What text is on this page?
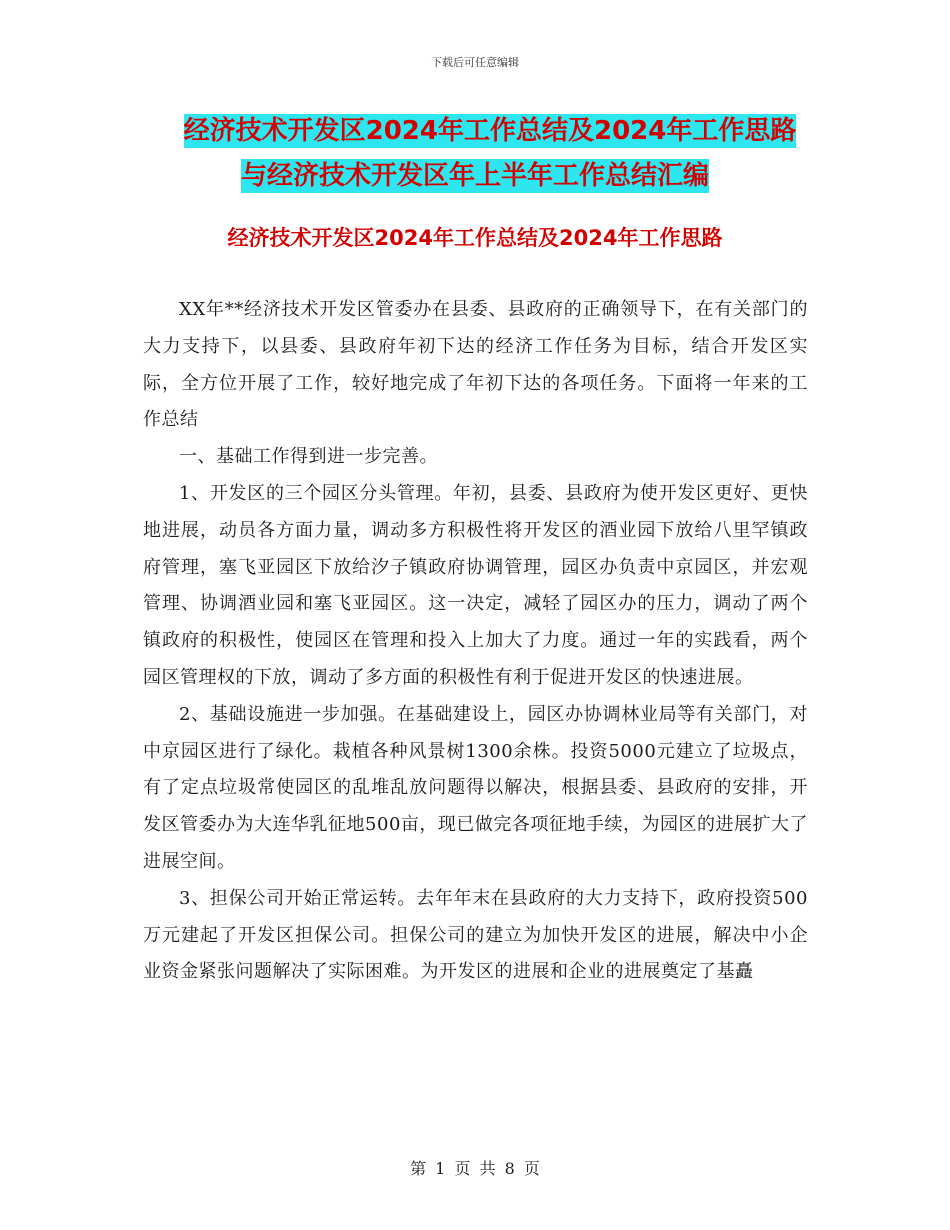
下载后可任意编辑
经济技术开发区2024年工作总结及2024年工作思路
与经济技术开发区年上半年工作总结汇编
经济技术开发区2024年工作总结及2024年工作思路

XX年**经济技术开发区管委办在县委、县政府的正确领导下，在有关部门的大力支持下，以县委、县政府年初下达的经济工作任务为目标，结合开发区实际，全方位开展了工作，较好地完成了年初下达的各项任务。下面将一年来的工作总结

一、基础工作得到进一步完善。

1、开发区的三个园区分头管理。年初，县委、县政府为使开发区更好、更快地进展，动员各方面力量，调动多方积极性将开发区的酒业园下放给八里罕镇政府管理，塞飞亚园区下放给汐子镇政府协调管理，园区办负责中京园区，并宏观管理、协调酒业园和塞飞亚园区。这一决定，减轻了园区办的压力，调动了两个镇政府的积极性，使园区在管理和投入上加大了力度。通过一年的实践看，两个园区管理权的下放，调动了多方面的积极性有利于促进开发区的快速进展。

2、基础设施进一步加强。在基础建设上，园区办协调林业局等有关部门，对中京园区进行了绿化。栽植各种风景树1300余株。投资5000元建立了垃圾点，有了定点垃圾常使园区的乱堆乱放问题得以解决，根据县委、县政府的安排，开发区管委办为大连华乳征地500亩，现已做完各项征地手续，为园区的进展扩大了进展空间。

3、担保公司开始正常运转。去年年末在县政府的大力支持下，政府投资500万元建起了开发区担保公司。担保公司的建立为加快开发区的进展，解决中小企业资金紧张问题解决了实际困难。为开发区的进展和企业的进展奠定了基矗

第 1 页 共 8 页
